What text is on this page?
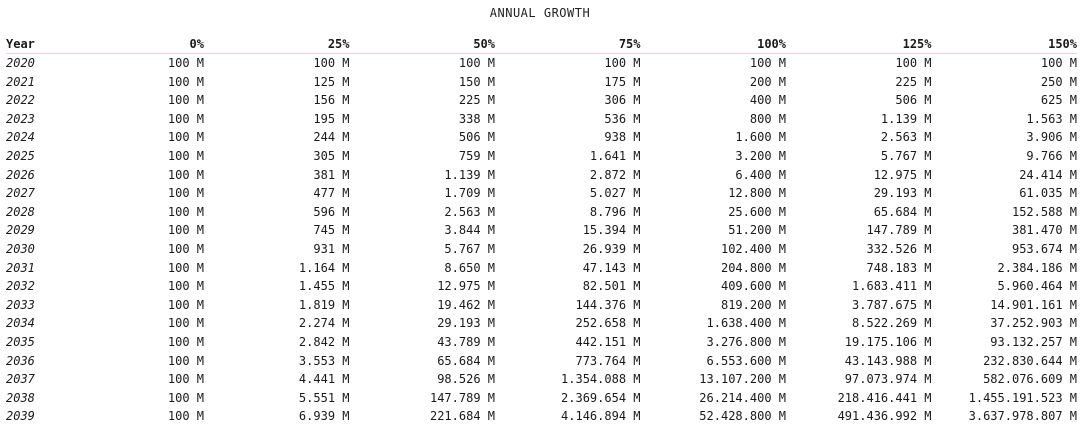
ANNUAL GROWTH
Year	0%	25%	50%	75%	100%	125%	150%
2020	100 M	100 M	100 M	100 M	100 M	100 M	100 M
2021	100 M	125 M	150 M	175 M	200 M	225 M	250 M
2022	100 M	156 M	225 M	306 M	400 M	506 M	625 M
2023	100 M	195 M	338 M	536 M	800 M	1.139 M	1.563 M
2024	100 M	244 M	506 M	938 M	1.600 M	2.563 M	3.906 M
2025	100 M	305 M	759 M	1.641 M	3.200 M	5.767 M	9.766 M
2026	100 M	381 M	1.139 M	2.872 M	6.400 M	12.975 M	24.414 M
2027	100 M	477 M	1.709 M	5.027 M	12.800 M	29.193 M	61.035 M
2028	100 M	596 M	2.563 M	8.796 M	25.600 M	65.684 M	152.588 M
2029	100 M	745 M	3.844 M	15.394 M	51.200 M	147.789 M	381.470 M
2030	100 M	931 M	5.767 M	26.939 M	102.400 M	332.526 M	953.674 M
2031	100 M	1.164 M	8.650 M	47.143 M	204.800 M	748.183 M	2.384.186 M
2032	100 M	1.455 M	12.975 M	82.501 M	409.600 M	1.683.411 M	5.960.464 M
2033	100 M	1.819 M	19.462 M	144.376 M	819.200 M	3.787.675 M	14.901.161 M
2034	100 M	2.274 M	29.193 M	252.658 M	1.638.400 M	8.522.269 M	37.252.903 M
2035	100 M	2.842 M	43.789 M	442.151 M	3.276.800 M	19.175.106 M	93.132.257 M
2036	100 M	3.553 M	65.684 M	773.764 M	6.553.600 M	43.143.988 M	232.830.644 M
2037	100 M	4.441 M	98.526 M	1.354.088 M	13.107.200 M	97.073.974 M	582.076.609 M
2038	100 M	5.551 M	147.789 M	2.369.654 M	26.214.400 M	218.416.441 M	1.455.191.523 M
2039	100 M	6.939 M	221.684 M	4.146.894 M	52.428.800 M	491.436.992 M	3.637.978.807 M
